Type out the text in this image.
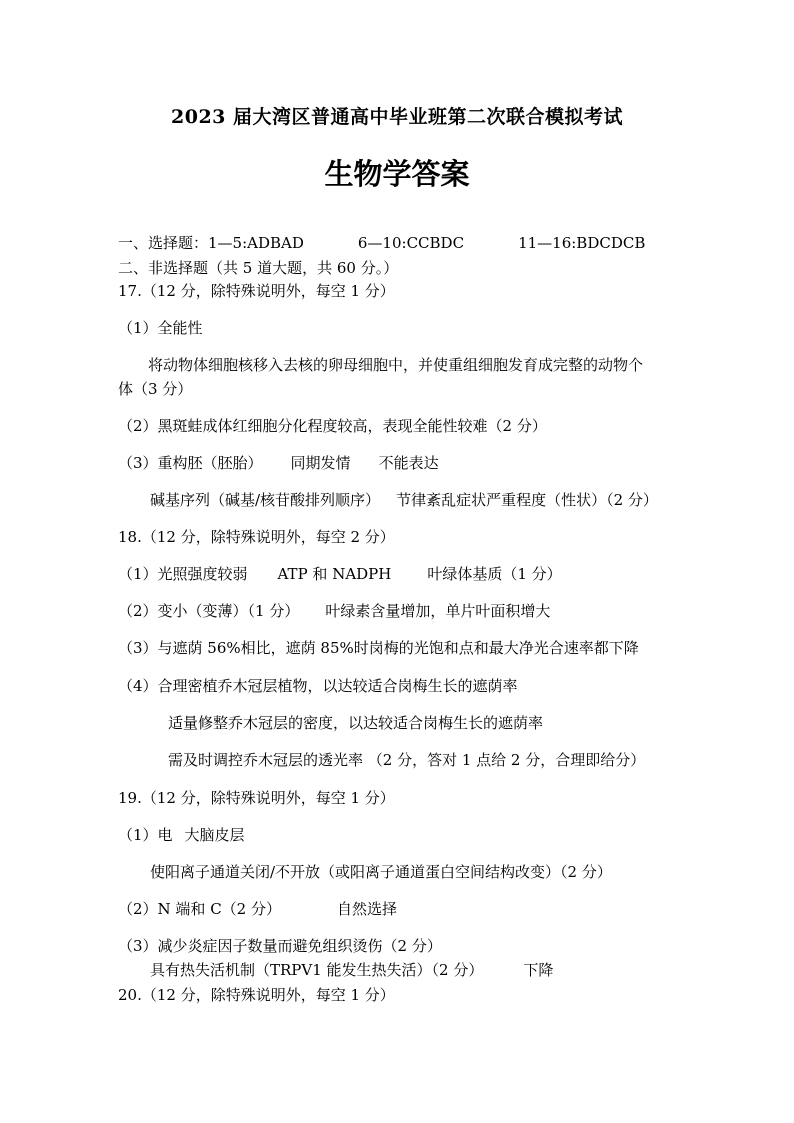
2023 届大湾区普通高中毕业班第二次联合模拟考试
生物学答案
一、选择题：1—5:ADBAD	6—10:CCBDC	11—16:BDCDCB
二、非选择题（共 5 道大题，共 60 分。）
17.（12 分，除特殊说明外，每空 1 分）
（1）全能性
将动物体细胞核移入去核的卵母细胞中，并使重组细胞发育成完整的动物个
体（3 分）
（2）黑斑蛙成体红细胞分化程度较高，表现全能性较难（2 分）
（3）重构胚（胚胎） 同期发情 不能表达
碱基序列（碱基/核苷酸排列顺序） 节律紊乱症状严重程度（性状）（2 分）
18.（12 分，除特殊说明外，每空 2 分）
（1）光照强度较弱 ATP 和 NADPH 叶绿体基质（1 分）
（2）变小（变薄）（1 分） 叶绿素含量增加，单片叶面积增大
（3）与遮荫 56%相比，遮荫 85%时岗梅的光饱和点和最大净光合速率都下降
（4）合理密植乔木冠层植物，以达较适合岗梅生长的遮荫率
适量修整乔木冠层的密度，以达较适合岗梅生长的遮荫率
需及时调控乔木冠层的透光率 （2 分，答对 1 点给 2 分，合理即给分）
19.（12 分，除特殊说明外，每空 1 分）
（1）电 大脑皮层
使阳离子通道关闭/不开放（或阳离子通道蛋白空间结构改变）（2 分）
（2）N 端和 C（2 分）	自然选择
（3）减少炎症因子数量而避免组织烫伤（2 分）
具有热失活机制（TRPV1 能发生热失活）（2 分）	下降
20.（12 分，除特殊说明外，每空 1 分）
